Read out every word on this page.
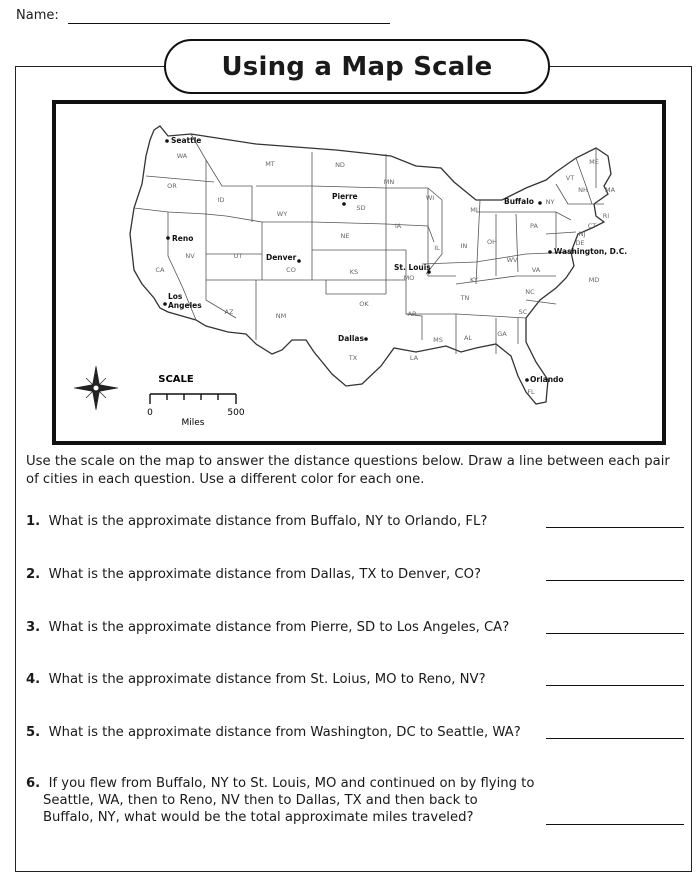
Name:
Using a Map Scale
SCALE
0	500
Miles
Seattle
Reno
Los
Angeles
Denver
Pierre
Dallas
St. Louis
Buffalo
Washington, D.C.
Orlando
WA
OR
CA
NV
ID
MT
WY
UT
CO
AZ	NM
ND
SD
NE
KS
OK
TX
MN
IA
MO
AR
LA
WI
IL
MI
IN	OH
KY
TN
MS	AL	GA
FL
SC
NC
VA
WV
PA
NY
VT
NH
ME
MA
RI
CT
NJ
DE
MD
Use the scale on the map to answer the distance questions below. Draw a line between each pair of cities in each question. Use a different color for each one.
1. What is the approximate distance from Buffalo, NY to Orlando, FL?
2. What is the approximate distance from Dallas, TX to Denver, CO?
3. What is the approximate distance from Pierre, SD to Los Angeles, CA?
4. What is the approximate distance from St. Loius, MO to Reno, NV?
5. What is the approximate distance from Washington, DC to Seattle, WA?
6. If you flew from Buffalo, NY to St. Louis, MO and continued on by flying to
Seattle, WA, then to Reno, NV then to Dallas, TX and then back to
Buffalo, NY, what would be the total approximate miles traveled?
